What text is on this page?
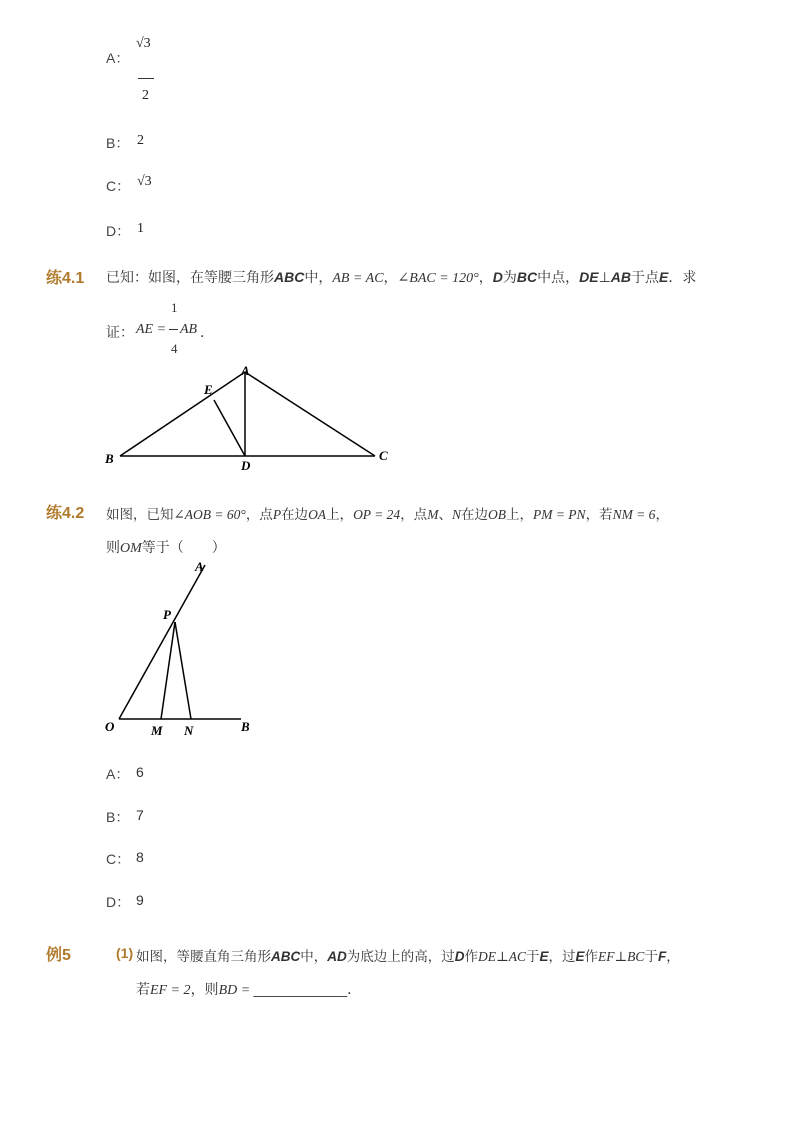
A：
√3
2
B： 2
C： √3
D： 1
练4.1 已知：如图，在等腰三角形ABC中，AB = AC，∠BAC = 120°，D为BC中点，DE⊥AB于点E．求
证： AE =
1
4
AB ．
A
E
B	D
C
练4.2 如图，已知∠AOB = 60°，点P在边OA上，OP = 24，点M、N在边OB上，PM = PN，若NM = 6，
则OM等于（　　）
A
P
O	M N	B
A： 6
B： 7
C： 8
D： 9
例5	(1) 如图，等腰直角三角形ABC中，AD为底边上的高，过D作DE⊥AC于E，过E作EF⊥BC于F，
若EF = 2，则BD = ____________．
